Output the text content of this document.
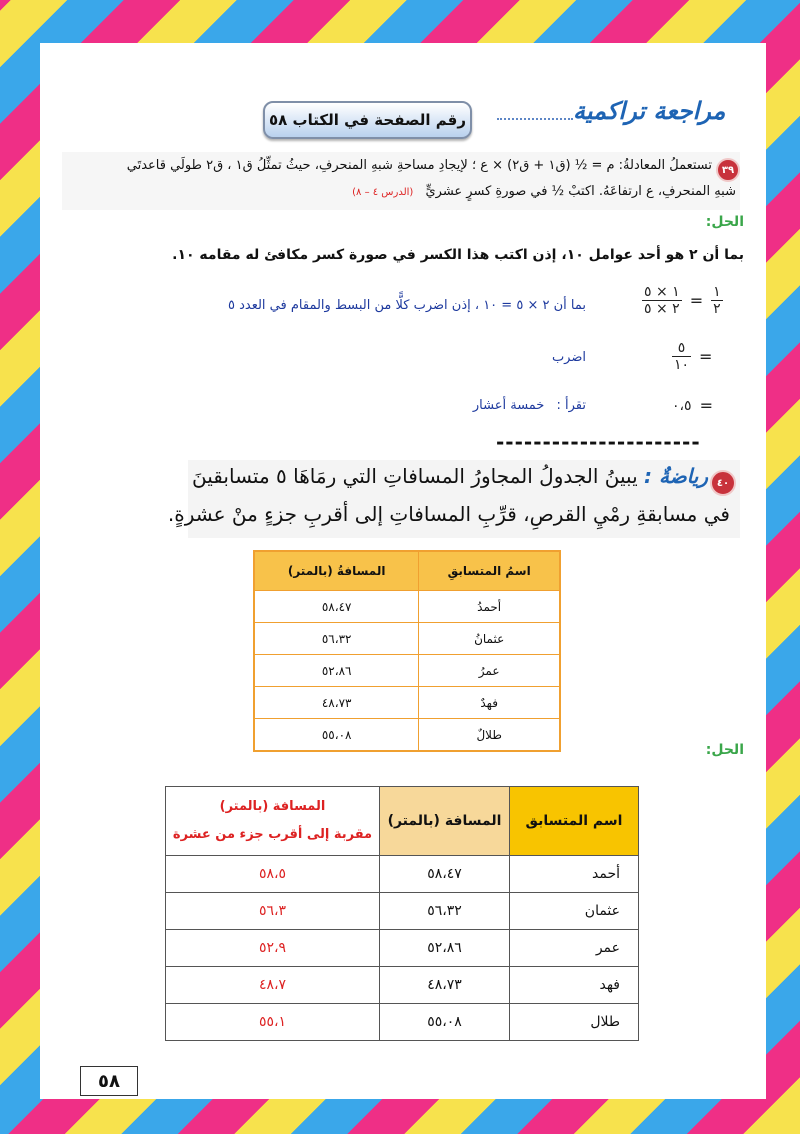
مراجعة تراكمية
رقم الصفحة في الكتاب ٥٨
٣٩
تستعملُ المعادلةُ: م = ½ (ق١ + ق٢) × ع ؛ لإيجادِ مساحةِ شبهِ المنحرفِ، حيثُ تمثِّلُ ق١ ، ق٢ طولَي قاعدتَي
شبهِ المنحرفِ، ع ارتفاعَهُ. اكتبْ ½ في صورةِ كسرٍ عشريٍّ (الدرس ٤ – ٨)
الحل:
بما أن ٢ هو أحد عوامل ١٠، إذن اكتب هذا الكسر في صورة كسر مكافئ له مقامه ١٠.
$\frac{١ \times ٥}{٢ \times ٥} = \frac{١}{٢}$
بما أن ٢ × ٥ = ١٠ ، إذن اضرب كلًّا من البسط والمقام في العدد ٥
$\frac{٥}{١٠}$ =
اضرب
٠،٥ =
تقرأ : خمسة أعشار
----------------------
٤٠
رياضةٌ : يبينُ الجدولُ المجاورُ المسافاتِ التي رمَاهَا ٥ متسابقينَ
في مسابقةِ رمْيِ القرصِ، قرِّبِ المسافاتِ إلى أقربِ جزءٍ منْ عشرةٍ.
اسمُ المتسابقِ	المسافةُ (بالمتر)
أحمدُ	٥٨،٤٧
عثمانُ	٥٦،٣٢
عمرُ	٥٢،٨٦
فهدٌ	٤٨،٧٣
طلالٌ	٥٥،٠٨
الحل:
اسم المتسابق	المسافة (بالمتر)	المسافة (بالمتر)
مقربة إلى أقرب جزء من عشرة

أحمد	٥٨،٤٧	٥٨،٥
عثمان	٥٦،٣٢	٥٦،٣
عمر	٥٢،٨٦	٥٢،٩
فهد	٤٨،٧٣	٤٨،٧
طلال	٥٥،٠٨	٥٥،١
٥٨
